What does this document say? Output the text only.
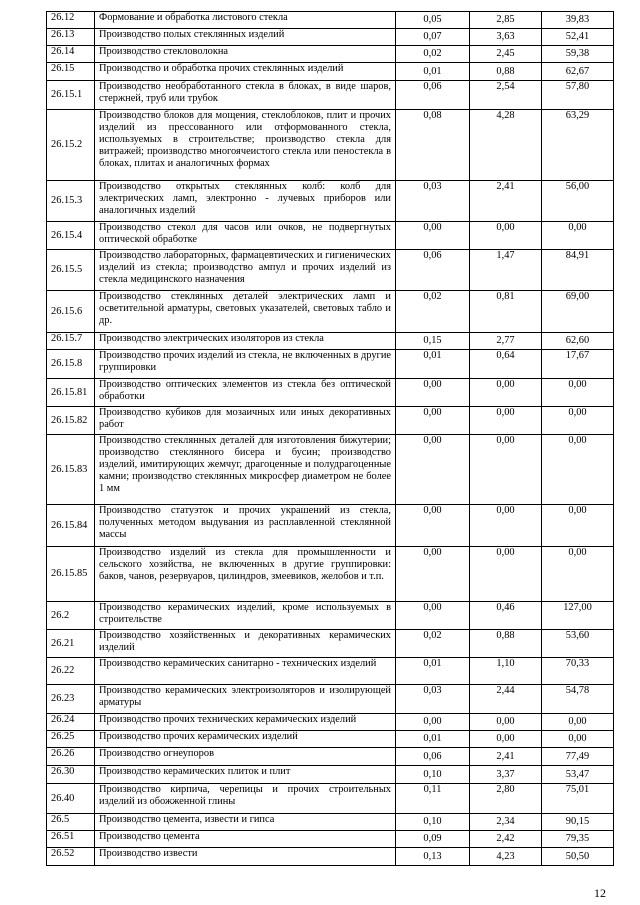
26.12	Формование и обработка листового стекла	0,05	2,85	39,83
26.13	Производство полых стеклянных изделий	0,07	3,63	52,41
26.14	Производство стекловолокна	0,02	2,45	59,38
26.15	Производство и обработка прочих стеклянных изделий	0,01	0,88	62,67
26.15.1	Производство необработанного стекла в блоках, в виде шаров, стержней, труб или трубок	0,06	2,54	57,80
26.15.2	Производство блоков для мощения, стеклоблоков, плит и прочих изделий из прессованного или отформованного стекла, используемых в строительстве; производство стекла для витражей; производство многоячеистого стекла или пеностекла в блоках, плитах и аналогичных формах	0,08	4,28	63,29
26.15.3	Производство открытых стеклянных колб: колб для электрических ламп, электронно - лучевых приборов или аналогичных изделий	0,03	2,41	56,00
26.15.4	Производство стекол для часов или очков, не подвергнутых оптической обработке	0,00	0,00	0,00
26.15.5	Производство лабораторных, фармацевтических и гигиенических изделий из стекла; производство ампул и прочих изделий из стекла медицинского назначения	0,06	1,47	84,91
26.15.6	Производство стеклянных деталей электрических ламп и осветительной арматуры, световых указателей, световых табло и др.	0,02	0,81	69,00
26.15.7	Производство электрических изоляторов из стекла	0,15	2,77	62,60
26.15.8	Производство прочих изделий из стекла, не включенных в другие группировки	0,01	0,64	17,67
26.15.81	Производство оптических элементов из стекла без оптической обработки	0,00	0,00	0,00
26.15.82	Производство кубиков для мозаичных или иных декоративных работ	0,00	0,00	0,00
26.15.83	Производство стеклянных деталей для изготовления бижутерии; производство стеклянного бисера и бусин; производство изделий, имитирующих жемчуг, драгоценные и полудрагоценные камни; производство стеклянных микросфер диаметром не более 1 мм	0,00	0,00	0,00
26.15.84	Производство статуэток и прочих украшений из стекла, полученных методом выдувания из расплавленной стеклянной массы	0,00	0,00	0,00
26.15.85	Производство изделий из стекла для промышленности и сельского хозяйства, не включенных в другие группировки: баков, чанов, резервуаров, цилиндров, змеевиков, желобов и т.п.	0,00	0,00	0,00
26.2	Производство керамических изделий, кроме используемых в строительстве	0,00	0,46	127,00
26.21	Производство хозяйственных и декоративных керамических изделий	0,02	0,88	53,60
26.22	Производство керамических санитарно - технических изделий	0,01	1,10	70,33
26.23	Производство керамических электроизоляторов и изолирующей арматуры	0,03	2,44	54,78
26.24	Производство прочих технических керамических изделий	0,00	0,00	0,00
26.25	Производство прочих керамических изделий	0,01	0,00	0,00
26.26	Производство огнеупоров	0,06	2,41	77,49
26.30	Производство керамических плиток и плит	0,10	3,37	53,47
26.40	Производство кирпича, черепицы и прочих строительных изделий из обожженной глины	0,11	2,80	75,01
26.5	Производство цемента, извести и гипса	0,10	2,34	90,15
26.51	Производство цемента	0,09	2,42	79,35
26.52	Производство извести	0,13	4,23	50,50
12
